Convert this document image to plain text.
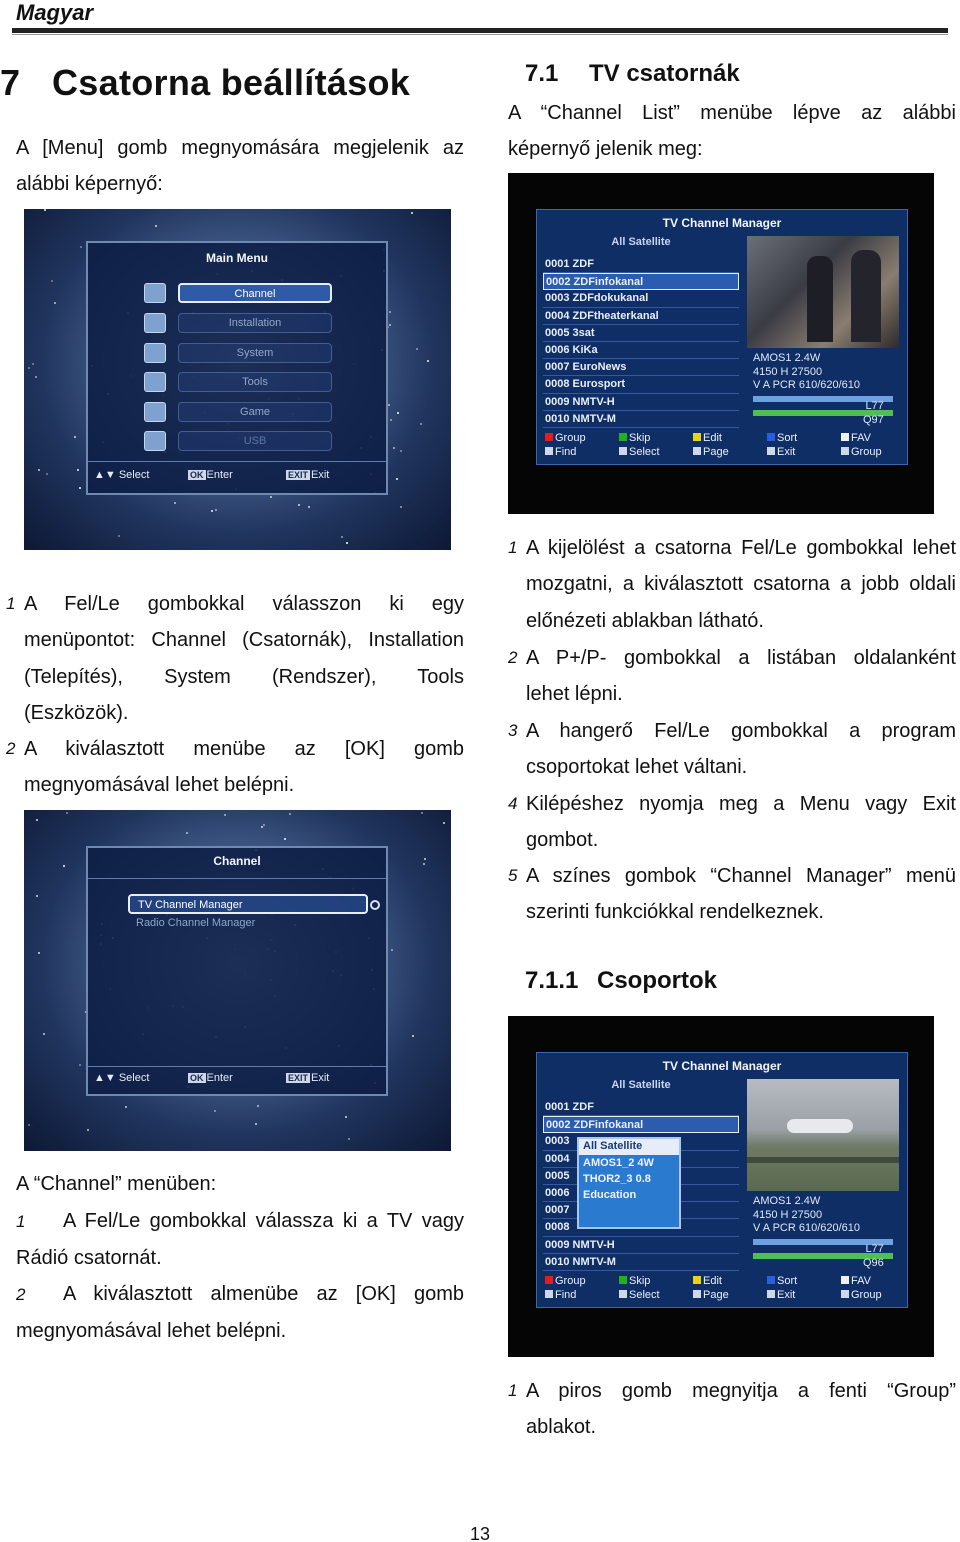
Magyar
7 Csatorna beállítások
A [Menu] gomb megnyomására megjelenik az
alábbi képernyő:
Main Menu
Channel
Installation
System
Tools
Game
USB
▲▼ Select	OK Enter	EXIT Exit
1 A Fel/Le gombokkal válasszon ki egy
menüpontot: Channel (Csatornák), Installation
(Telepítés), System (Rendszer), Tools
(Eszközök).
2 A kiválasztott menübe az [OK] gomb
megnyomásával lehet belépni.
Channel
TV Channel Manager
Radio Channel Manager
▲▼ Select	OK Enter	EXIT Exit
A “Channel” menüben:
1 A Fel/Le gombokkal válassza ki a TV vagy
Rádió csatornát.
2 A kiválasztott almenübe az [OK] gomb
megnyomásával lehet belépni.
7.1 TV csatornák
A “Channel List” menübe lépve az alábbi
képernyő jelenik meg:
TV Channel Manager
All Satellite
0001 ZDF
0002 ZDFinfokanal
0003 ZDFdokukanal
0004 ZDFtheaterkanal
0005 3sat
0006 KiKa
0007 EuroNews
0008 Eurosport
0009 NMTV-H
0010 NMTV-M
AMOS1 2.4W
4150 H 27500
V A PCR 610/620/610
L77
Q97
Group	Skip	Edit	Sort	FAV
Find	Select	Page	Exit	Group
1 A kijelölést a csatorna Fel/Le gombokkal lehet
mozgatni, a kiválasztott csatorna a jobb oldali
előnézeti ablakban látható.
2 A P+/P- gombokkal a listában oldalanként
lehet lépni.
3 A hangerő Fel/Le gombokkal a program
csoportokat lehet váltani.
4 Kilépéshez nyomja meg a Menu vagy Exit
gombot.
5 A színes gombok “Channel Manager” menü
szerinti funkciókkal rendelkeznek.
7.1.1 Csoportok
TV Channel Manager
All Satellite
0001 ZDF
0002 ZDFinfokanal
0003
0004
0005
0006
0007
0008
0009 NMTV-H
0010 NMTV-M
All Satellite
AMOS1_2 4W
THOR2_3 0.8
Education	AMOS1 2.4W
4150 H 27500
V A PCR 610/620/610
L77
Q96
Group	Skip	Edit	Sort	FAV
Find	Select	Page	Exit	Group
1 A piros gomb megnyitja a fenti “Group”
ablakot.
13
